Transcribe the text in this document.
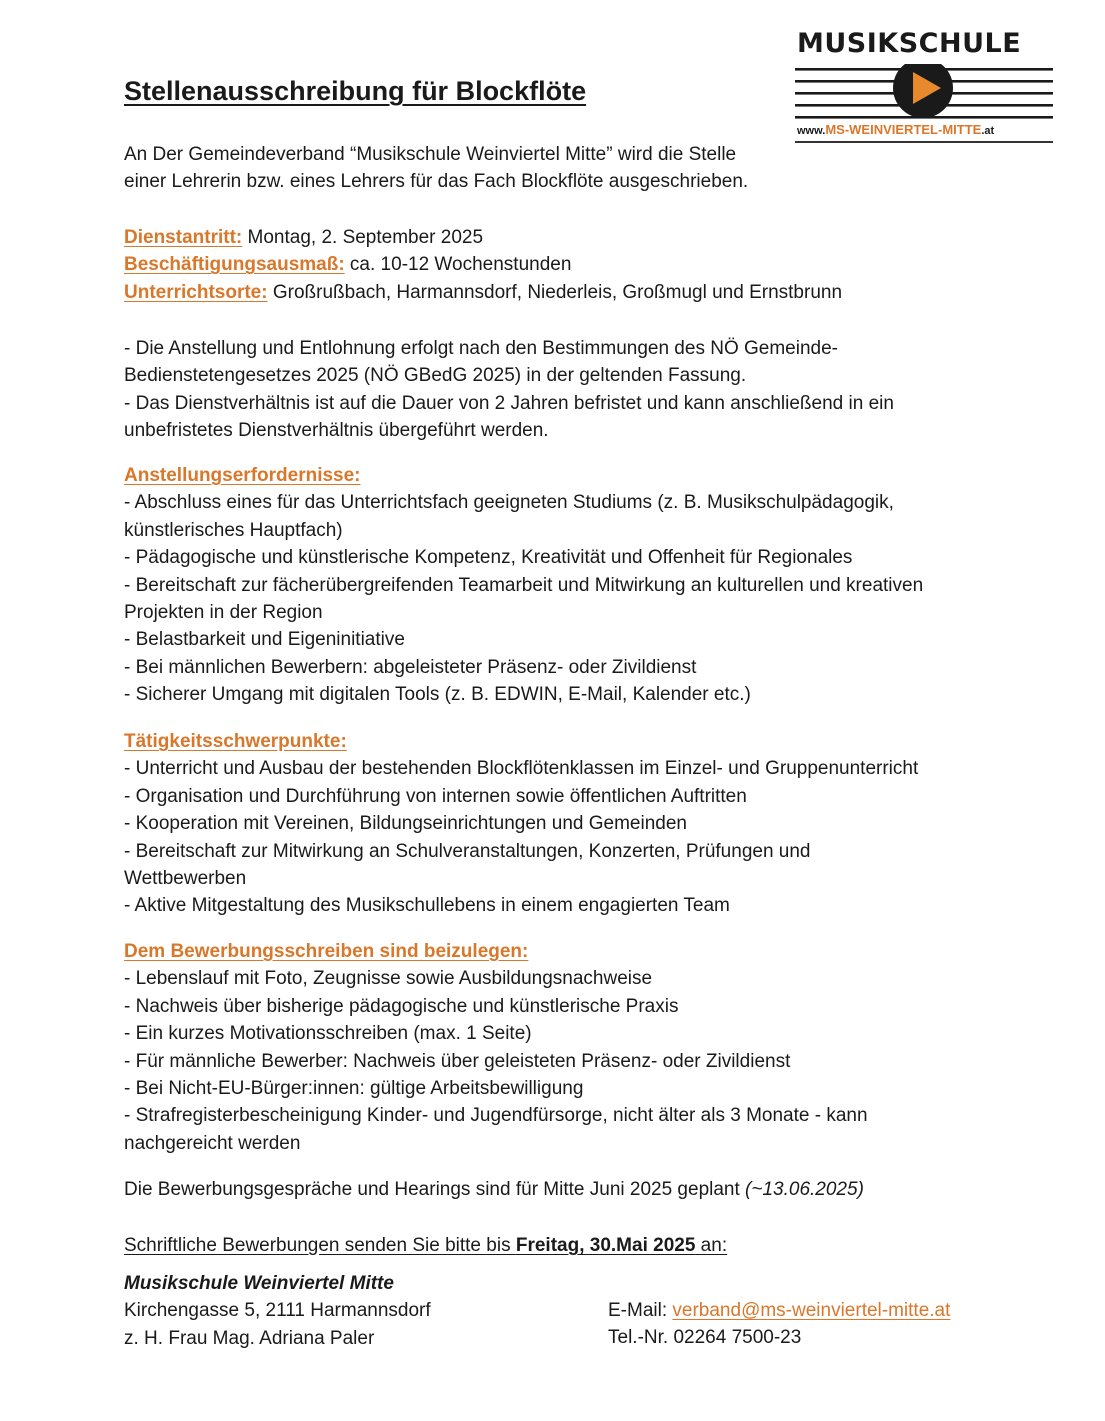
MUSIKSCHULE
www.MS-WEINVIERTEL-MITTE.at
Stellenausschreibung für Blockflöte
An Der Gemeindeverband “Musikschule Weinviertel Mitte” wird die Stelle
einer Lehrerin bzw. eines Lehrers für das Fach Blockflöte ausgeschrieben.
Dienstantritt: Montag, 2. September 2025
Beschäftigungsausmaß: ca. 10-12 Wochenstunden
Unterrichtsorte: Großrußbach, Harmannsdorf, Niederleis, Großmugl und Ernstbrunn
- Die Anstellung und Entlohnung erfolgt nach den Bestimmungen des NÖ Gemeinde-
Bedienstetengesetzes 2025 (NÖ GBedG 2025) in der geltenden Fassung.
- Das Dienstverhältnis ist auf die Dauer von 2 Jahren befristet und kann anschließend in ein
unbefristetes Dienstverhältnis übergeführt werden.
Anstellungserfordernisse:
- Abschluss eines für das Unterrichtsfach geeigneten Studiums (z. B. Musikschulpädagogik,
künstlerisches Hauptfach)
- Pädagogische und künstlerische Kompetenz, Kreativität und Offenheit für Regionales
- Bereitschaft zur fächerübergreifenden Teamarbeit und Mitwirkung an kulturellen und kreativen
Projekten in der Region
- Belastbarkeit und Eigeninitiative
- Bei männlichen Bewerbern: abgeleisteter Präsenz- oder Zivildienst
- Sicherer Umgang mit digitalen Tools (z. B. EDWIN, E-Mail, Kalender etc.)
Tätigkeitsschwerpunkte:
- Unterricht und Ausbau der bestehenden Blockflötenklassen im Einzel- und Gruppenunterricht
- Organisation und Durchführung von internen sowie öffentlichen Auftritten
- Kooperation mit Vereinen, Bildungseinrichtungen und Gemeinden
- Bereitschaft zur Mitwirkung an Schulveranstaltungen, Konzerten, Prüfungen und
Wettbewerben
- Aktive Mitgestaltung des Musikschullebens in einem engagierten Team
Dem Bewerbungsschreiben sind beizulegen:
- Lebenslauf mit Foto, Zeugnisse sowie Ausbildungsnachweise
- Nachweis über bisherige pädagogische und künstlerische Praxis
- Ein kurzes Motivationsschreiben (max. 1 Seite)
- Für männliche Bewerber: Nachweis über geleisteten Präsenz- oder Zivildienst
- Bei Nicht-EU-Bürger:innen: gültige Arbeitsbewilligung
- Strafregisterbescheinigung Kinder- und Jugendfürsorge, nicht älter als 3 Monate - kann
nachgereicht werden
Die Bewerbungsgespräche und Hearings sind für Mitte Juni 2025 geplant (~13.06.2025)
Schriftliche Bewerbungen senden Sie bitte bis Freitag, 30.Mai 2025 an:
Musikschule Weinviertel Mitte
Kirchengasse 5, 2111 Harmannsdorf
z. H. Frau Mag. Adriana Paler
E-Mail: verband@ms-weinviertel-mitte.at
Tel.-Nr. 02264 7500-23
